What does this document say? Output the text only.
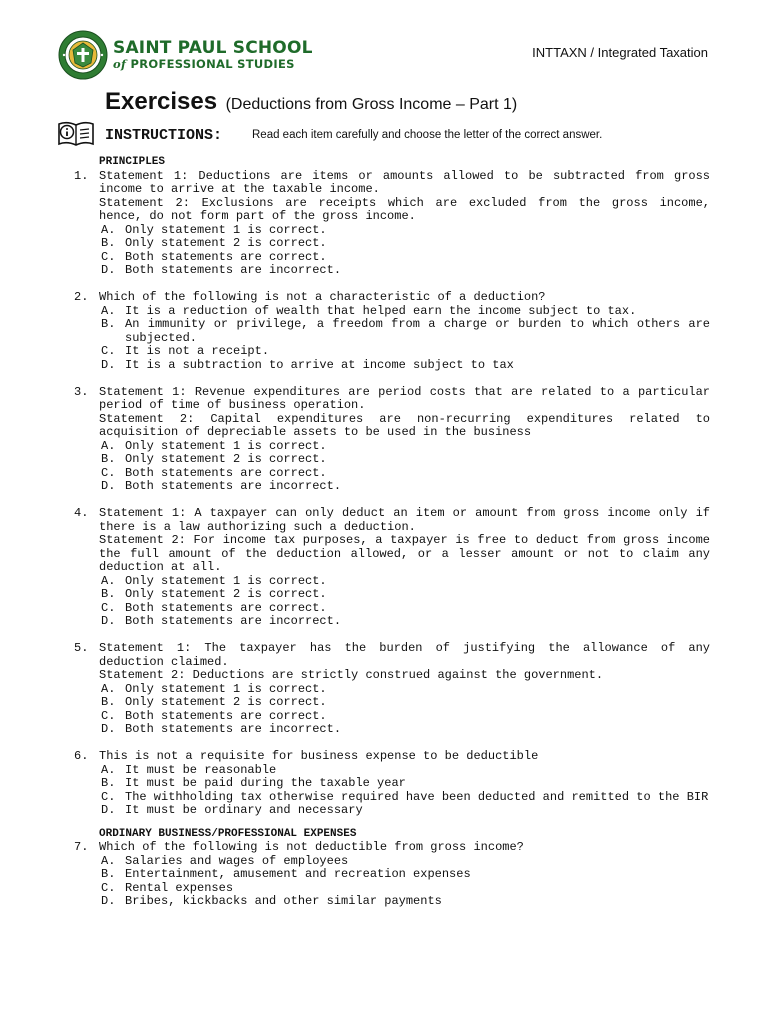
SAINT PAUL SCHOOL
of PROFESSIONAL STUDIES
INTTAXN / Integrated Taxation
Exercises (Deductions from Gross Income – Part 1)
INSTRUCTIONS:	Read each item carefully and choose the letter of the correct answer.
PRINCIPLES
1. Statement 1: Deductions are items or amounts allowed to be subtracted from gross income to arrive at the taxable income.
Statement 2: Exclusions are receipts which are excluded from the gross income, hence, do not form part of the gross income.
A. Only statement 1 is correct.
B. Only statement 2 is correct.
C. Both statements are correct.
D. Both statements are incorrect.
2. Which of the following is not a characteristic of a deduction?
A. It is a reduction of wealth that helped earn the income subject to tax.
B. An immunity or privilege, a freedom from a charge or burden to which others are subjected.
C. It is not a receipt.
D. It is a subtraction to arrive at income subject to tax
3. Statement 1: Revenue expenditures are period costs that are related to a particular period of time of business operation.
Statement 2: Capital expenditures are non-recurring expenditures related to acquisition of depreciable assets to be used in the business
A. Only statement 1 is correct.
B. Only statement 2 is correct.
C. Both statements are correct.
D. Both statements are incorrect.
4. Statement 1: A taxpayer can only deduct an item or amount from gross income only if there is a law authorizing such a deduction.
Statement 2: For income tax purposes, a taxpayer is free to deduct from gross income the full amount of the deduction allowed, or a lesser amount or not to claim any deduction at all.
A. Only statement 1 is correct.
B. Only statement 2 is correct.
C. Both statements are correct.
D. Both statements are incorrect.
5. Statement 1: The taxpayer has the burden of justifying the allowance of any deduction claimed.
Statement 2: Deductions are strictly construed against the government.
A. Only statement 1 is correct.
B. Only statement 2 is correct.
C. Both statements are correct.
D. Both statements are incorrect.
6. This is not a requisite for business expense to be deductible
A. It must be reasonable
B. It must be paid during the taxable year
C. The withholding tax otherwise required have been deducted and remitted to the BIR
D. It must be ordinary and necessary
ORDINARY BUSINESS/PROFESSIONAL EXPENSES
7. Which of the following is not deductible from gross income?
A. Salaries and wages of employees
B. Entertainment, amusement and recreation expenses
C. Rental expenses
D. Bribes, kickbacks and other similar payments
